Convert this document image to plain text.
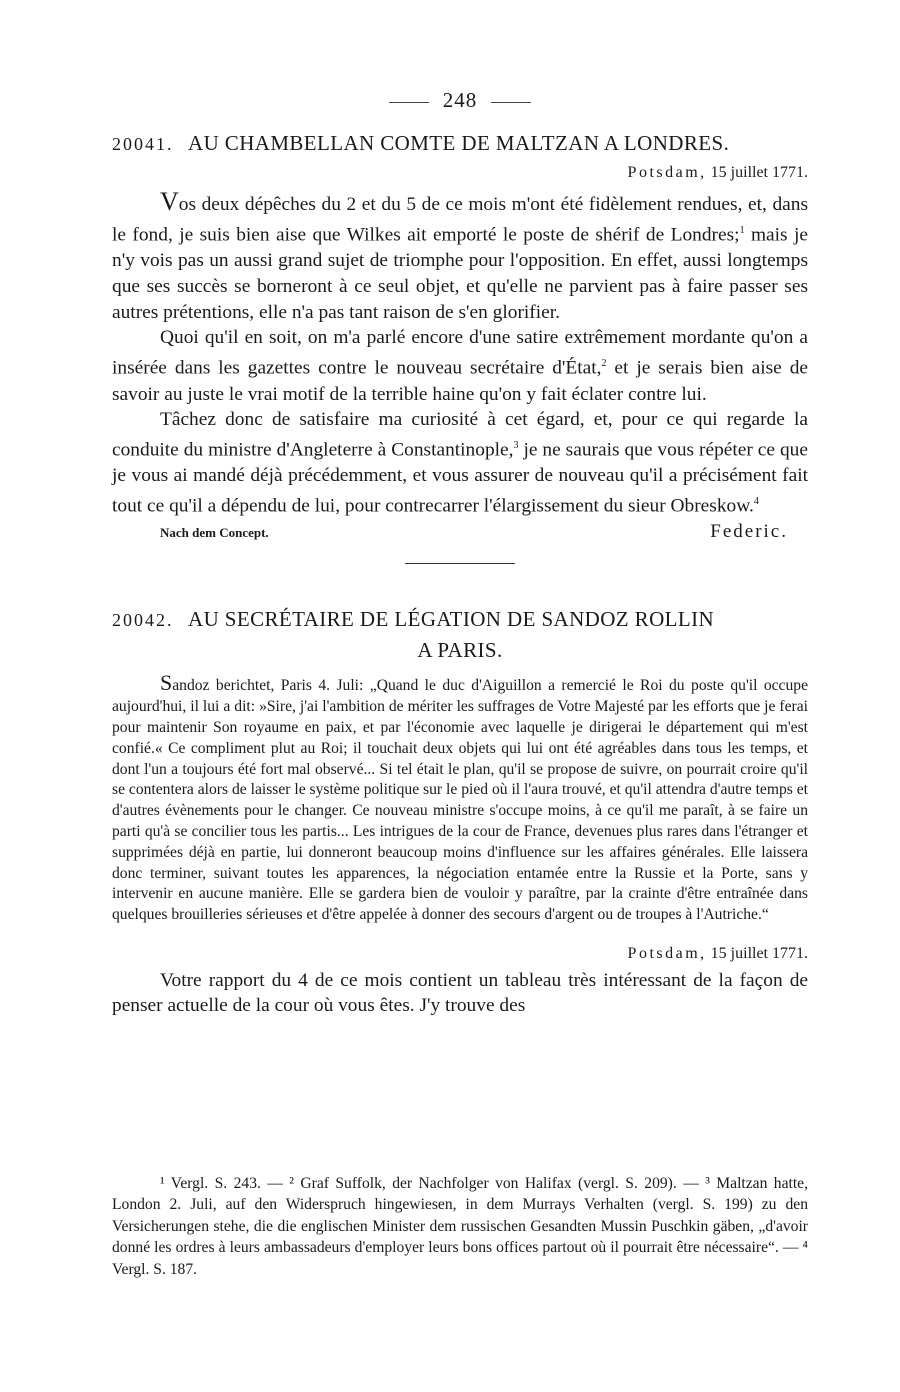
248
20041. AU CHAMBELLAN COMTE DE MALTZAN A LONDRES.
Potsdam, 15 juillet 1771.

Vos deux dépêches du 2 et du 5 de ce mois m'ont été fidèlement rendues, et, dans le fond, je suis bien aise que Wilkes ait emporté le poste de shérif de Londres;$^1$ mais je n'y vois pas un aussi grand sujet de triomphe pour l'opposition. En effet, aussi longtemps que ses succès se borneront à ce seul objet, et qu'elle ne parvient pas à faire passer ses autres prétentions, elle n'a pas tant raison de s'en glorifier.

Quoi qu'il en soit, on m'a parlé encore d'une satire extrêmement mordante qu'on a insérée dans les gazettes contre le nouveau secrétaire d'État,$^2$ et je serais bien aise de savoir au juste le vrai motif de la terrible haine qu'on y fait éclater contre lui.

Tâchez donc de satisfaire ma curiosité à cet égard, et, pour ce qui regarde la conduite du ministre d'Angleterre à Constantinople,$^3$ je ne saurais que vous répéter ce que je vous ai mandé déjà précédemment, et vous assurer de nouveau qu'il a précisément fait tout ce qu'il a dépendu de lui, pour contrecarrer l'élargissement du sieur Obreskow.$^4$

Nach dem Concept.	Federic.
20042. AU SECRÉTAIRE DE LÉGATION DE SANDOZ ROLLIN
A PARIS.

Sandoz berichtet, Paris 4. Juli: „Quand le duc d'Aiguillon a remercié le Roi du poste qu'il occupe aujourd'hui, il lui a dit: »Sire, j'ai l'ambition de mériter les suffrages de Votre Majesté par les efforts que je ferai pour maintenir Son royaume en paix, et par l'économie avec laquelle je dirigerai le département qui m'est confié.« Ce compliment plut au Roi; il touchait deux objets qui lui ont été agréables dans tous les temps, et dont l'un a toujours été fort mal observé... Si tel était le plan, qu'il se propose de suivre, on pourrait croire qu'il se contentera alors de laisser le système politique sur le pied où il l'aura trouvé, et qu'il attendra d'autre temps et d'autres évènements pour le changer. Ce nouveau ministre s'occupe moins, à ce qu'il me paraît, à se faire un parti qu'à se concilier tous les partis... Les intrigues de la cour de France, devenues plus rares dans l'étranger et supprimées déjà en partie, lui donneront beaucoup moins d'influence sur les affaires générales. Elle laissera donc terminer, suivant toutes les apparences, la négociation entamée entre la Russie et la Porte, sans y intervenir en aucune manière. Elle se gardera bien de vouloir y paraître, par la crainte d'être entraînée dans quelques brouilleries sérieuses et d'être appelée à donner des secours d'argent ou de troupes à l'Autriche.“

Potsdam, 15 juillet 1771.

Votre rapport du 4 de ce mois contient un tableau très intéressant de la façon de penser actuelle de la cour où vous êtes. J'y trouve des

¹ Vergl. S. 243. — ² Graf Suffolk, der Nachfolger von Halifax (vergl. S. 209). — ³ Maltzan hatte, London 2. Juli, auf den Widerspruch hingewiesen, in dem Murrays Verhalten (vergl. S. 199) zu den Versicherungen stehe, die die englischen Minister dem russischen Gesandten Mussin Puschkin gäben, „d'avoir donné les ordres à leurs ambassadeurs d'employer leurs bons offices partout où il pourrait être nécessaire“. — ⁴ Vergl. S. 187.
